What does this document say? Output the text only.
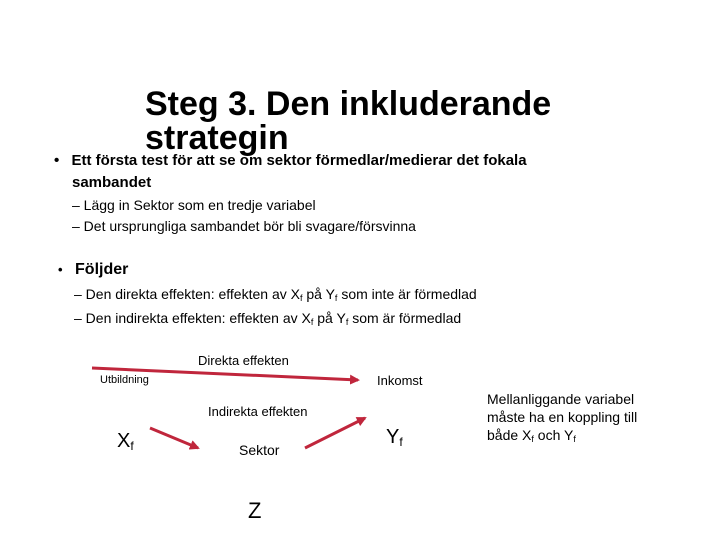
Steg 3. Den inkluderande
strategin
• Ett första test för att se om sektor förmedlar/medierar det fokala
sambandet
– Lägg in Sektor som en tredje variabel
– Det ursprungliga sambandet bör bli svagare/försvinna
• Följder
– Den direkta effekten: effekten av Xf på Yf som inte är förmedlad
– Den indirekta effekten: effekten av Xf på Yf som är förmedlad
Direkta effekten
Utbildning	Inkomst
Indirekta effekten
Xf	Sektor
Yf
Z
Mellanliggande variabel
måste ha en koppling till
både Xf och Yf
